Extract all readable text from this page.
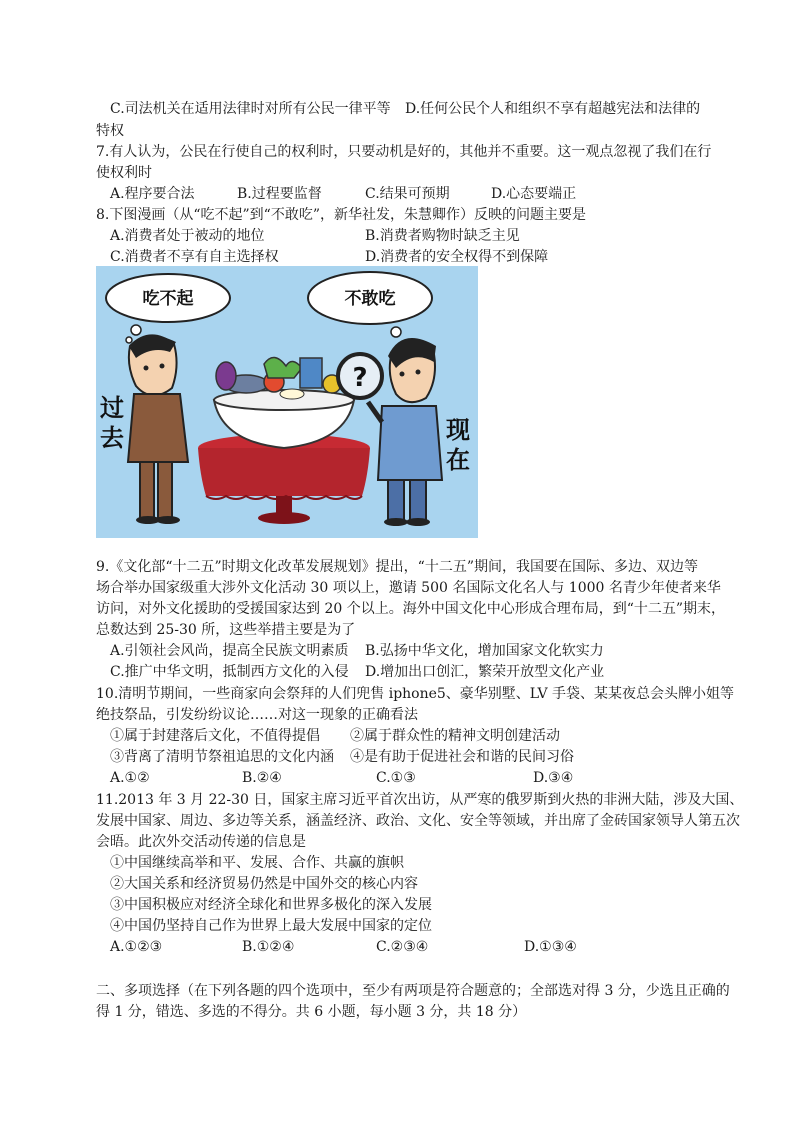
C.司法机关在适用法律时对所有公民一律平等 D.任何公民个人和组织不享有超越宪法和法律的
特权
7.有人认为，公民在行使自己的权利时，只要动机是好的，其他并不重要。这一观点忽视了我们在行
使权利时
A.程序要合法	B.过程要监督	C.结果可预期	D.心态要端正
8.下图漫画（从“吃不起”到“不敢吃”，新华社发，朱慧卿作）反映的问题主要是
A.消费者处于被动的地位	B.消费者购物时缺乏主见
C.消费者不享有自主选择权	D.消费者的安全权得不到保障
吃不起	不敢吃
?
过
去	现
在
9.《文化部“十二五”时期文化改革发展规划》提出，“十二五”期间，我国要在国际、多边、双边等
场合举办国家级重大涉外文化活动 30 项以上，邀请 500 名国际文化名人与 1000 名青少年使者来华
访问，对外文化援助的受援国家达到 20 个以上。海外中国文化中心形成合理布局，到“十二五”期末，
总数达到 25-30 所，这些举措主要是为了
A.引领社会风尚，提高全民族文明素质 B.弘扬中华文化，增加国家文化软实力
C.推广中华文明，抵制西方文化的入侵 D.增加出口创汇，繁荣开放型文化产业
10.清明节期间，一些商家向会祭拜的人们兜售 iphone5、豪华别墅、LV 手袋、某某夜总会头牌小姐等
绝技祭品，引发纷纷议论……对这一现象的正确看法
①属于封建落后文化，不值得提倡 ②属于群众性的精神文明创建活动
③背离了清明节祭祖追思的文化内涵 ④是有助于促进社会和谐的民间习俗
A.①②	B.②④	C.①③	D.③④
11.2013 年 3 月 22-30 日，国家主席习近平首次出访，从严寒的俄罗斯到火热的非洲大陆，涉及大国、
发展中国家、周边、多边等关系，涵盖经济、政治、文化、安全等领域，并出席了金砖国家领导人第五次
会晤。此次外交活动传递的信息是
①中国继续高举和平、发展、合作、共赢的旗帜
②大国关系和经济贸易仍然是中国外交的核心内容
③中国积极应对经济全球化和世界多极化的深入发展
④中国仍坚持自己作为世界上最大发展中国家的定位
A.①②③	B.①②④	C.②③④	D.①③④
二、多项选择（在下列各题的四个选项中，至少有两项是符合题意的；全部选对得 3 分，少选且正确的
得 1 分，错选、多选的不得分。共 6 小题，每小题 3 分，共 18 分）
